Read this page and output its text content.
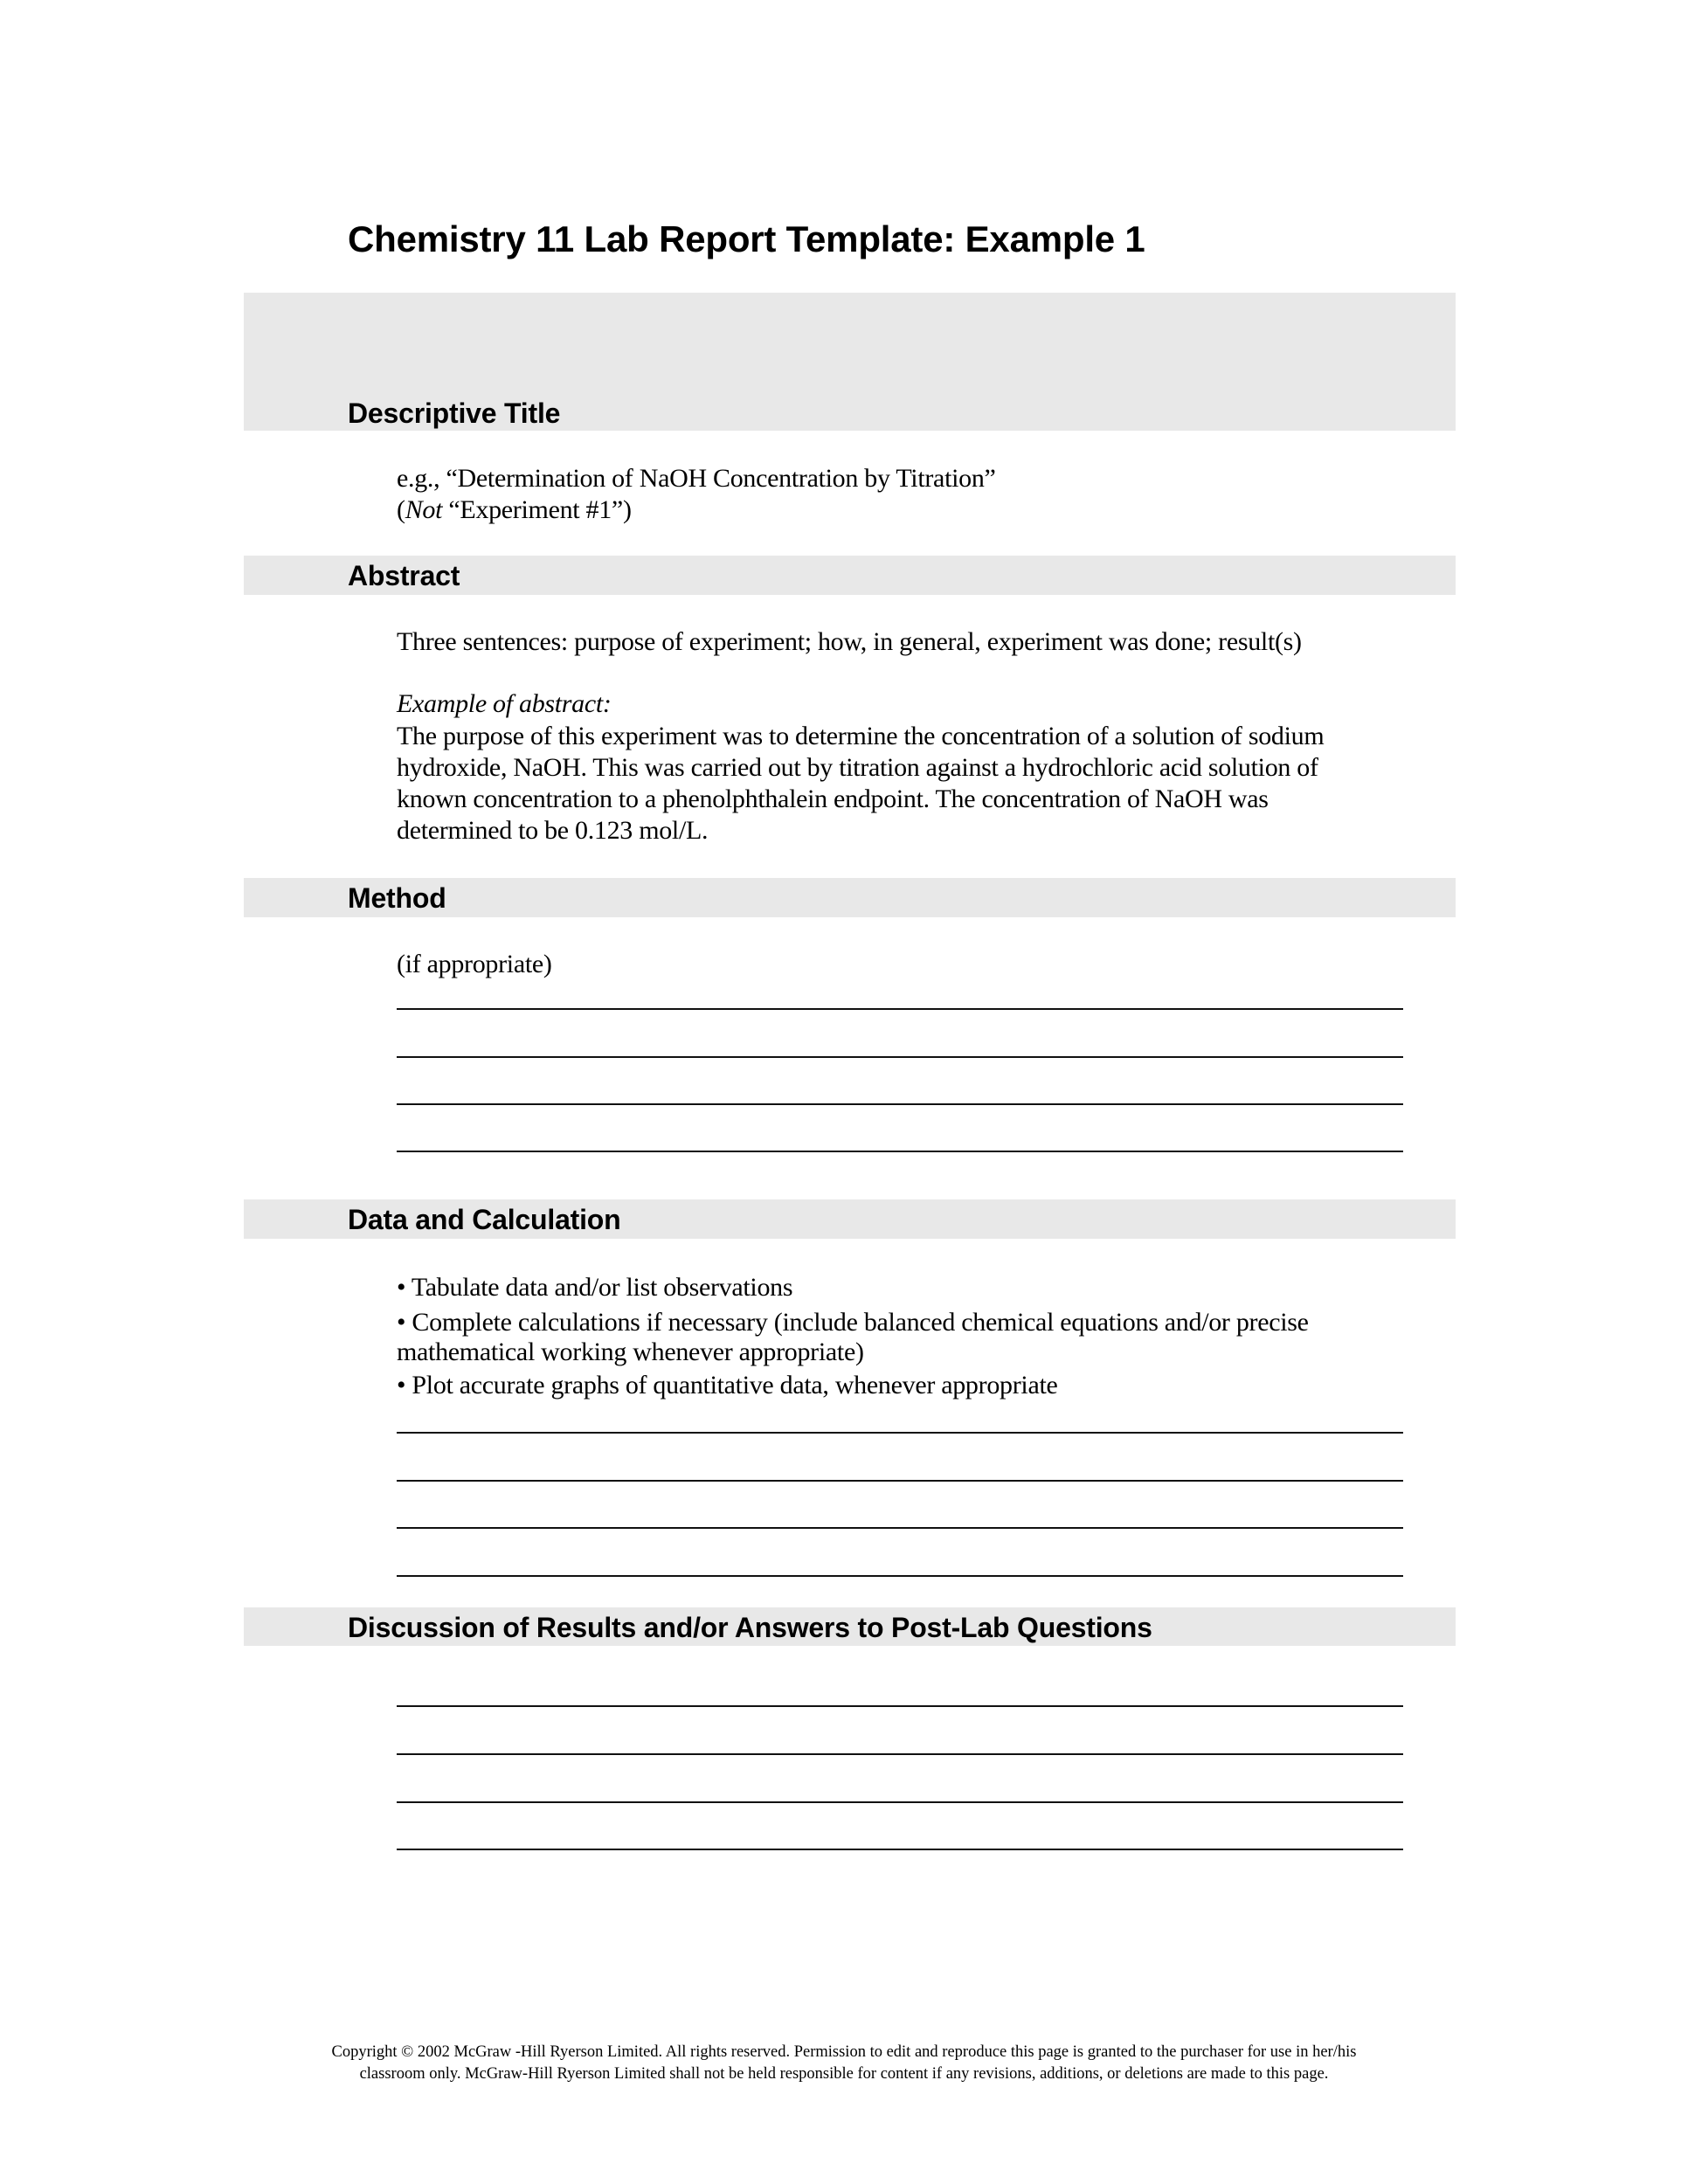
Chemistry 11 Lab Report Template: Example 1
Descriptive Title
e.g., “Determination of NaOH Concentration by Titration”
(Not “Experiment #1”)
Abstract
Three sentences: purpose of experiment; how, in general, experiment was done; result(s)
Example of abstract:
The purpose of this experiment was to determine the concentration of a solution of sodium
hydroxide, NaOH. This was carried out by titration against a hydrochloric acid solution of
known concentration to a phenolphthalein endpoint. The concentration of NaOH was
determined to be 0.123 mol/L.
Method
(if appropriate)
Data and Calculation
• Tabulate data and/or list observations
• Complete calculations if necessary (include balanced chemical equations and/or precise
mathematical working whenever appropriate)
• Plot accurate graphs of quantitative data, whenever appropriate
Discussion of Results and/or Answers to Post-Lab Questions
Copyright © 2002 McGraw -Hill Ryerson Limited. All rights reserved. Permission to edit and reproduce this page is granted to the purchaser for use in her/his
classroom only. McGraw-Hill Ryerson Limited shall not be held responsible for content if any revisions, additions, or deletions are made to this page.
